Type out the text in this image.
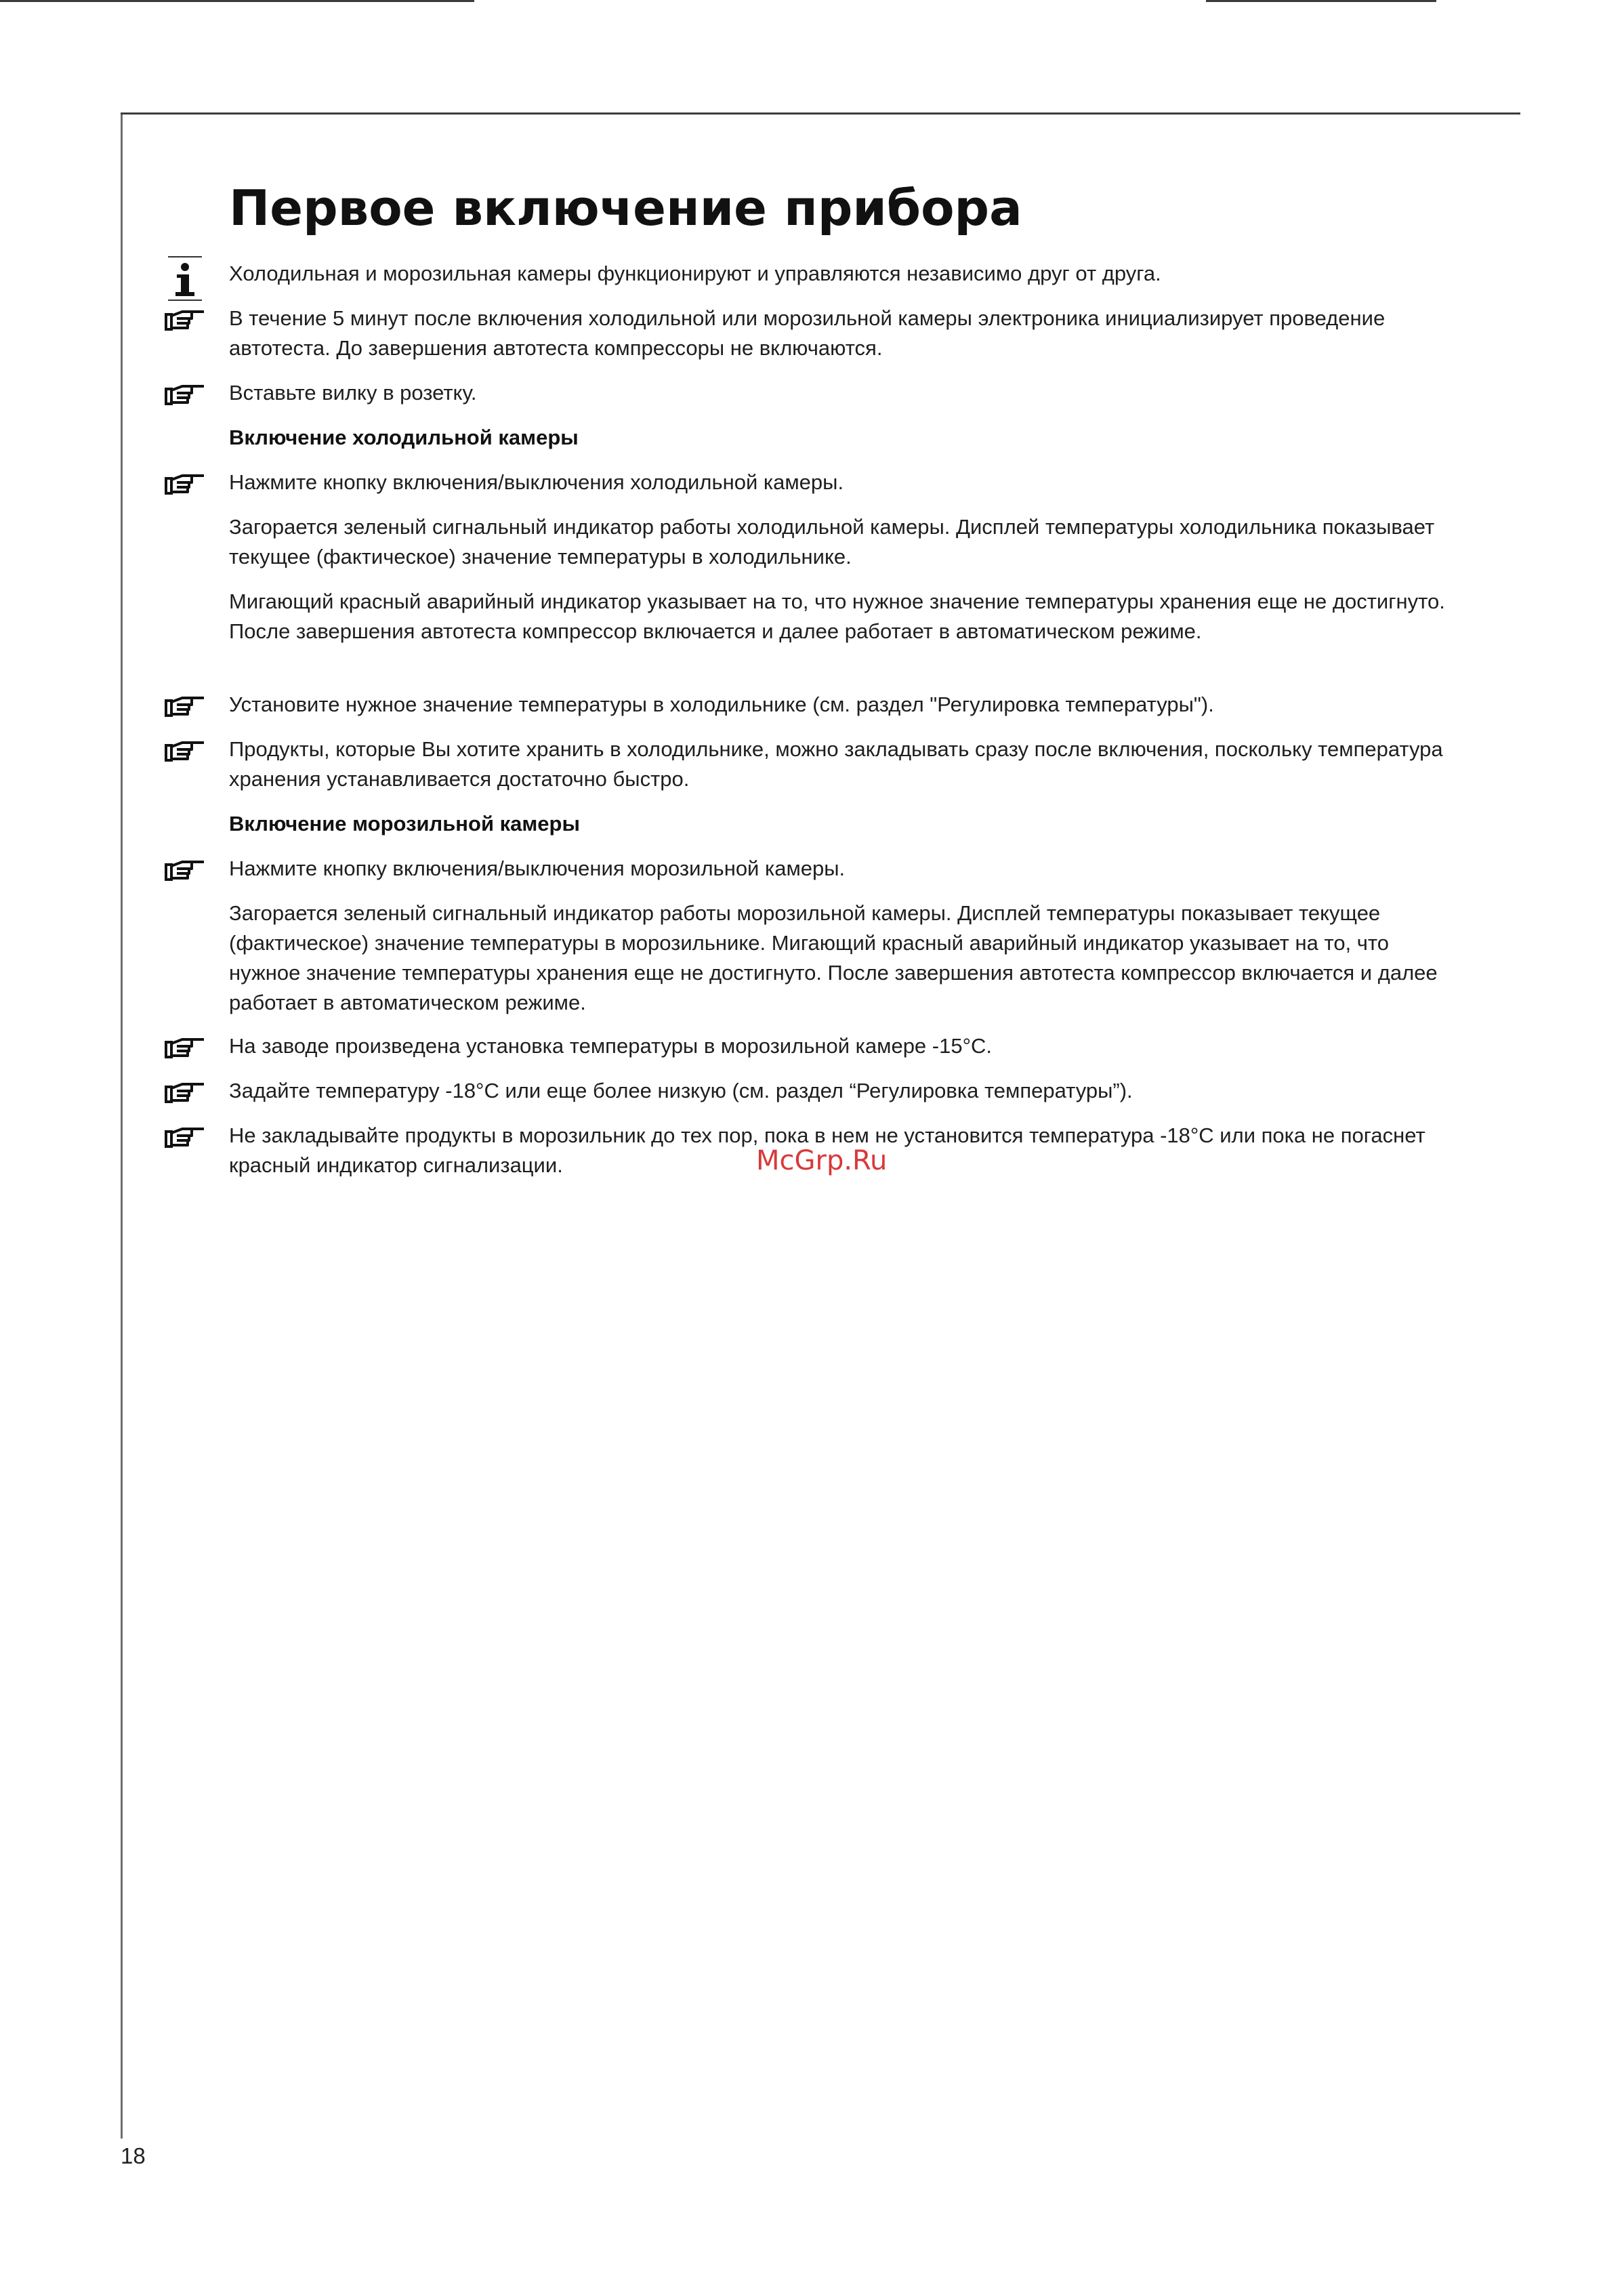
Первое включение прибора

Холодильная и морозильная камеры функционируют и управляются независимо друг от друга.

В течение 5 минут после включения холодильной или морозильной камеры электроника инициализирует проведение автотеста. До завершения автотеста компрессоры не включаются.

Вставьте вилку в розетку.

Включение холодильной камеры

Нажмите кнопку включения/выключения холодильной камеры.

Загорается зеленый сигнальный индикатор работы холодильной камеры. Дисплей температуры холодильника показывает текущее (фактическое) значение температуры в холодильнике.

Мигающий красный аварийный индикатор указывает на то, что нужное значение температуры хранения еще не достигнуто. После завершения автотеста компрессор включается и далее работает в автоматическом режиме.

Установите нужное значение температуры в холодильнике (см. раздел "Регулировка температуры").

Продукты, которые Вы хотите хранить в холодильнике, можно закладывать сразу после включения, поскольку температура хранения устанавливается достаточно быстро.

Включение морозильной камеры

Нажмите кнопку включения/выключения морозильной камеры.

Загорается зеленый сигнальный индикатор работы морозильной камеры. Дисплей температуры показывает текущее (фактическое) значение температуры в морозильнике. Мигающий красный аварийный индикатор указывает на то, что нужное значение температуры хранения еще не достигнуто. После завершения автотеста компрессор включается и далее работает в автоматическом режиме.

На заводе произведена установка температуры в морозильной камере -15°С.

Задайте температуру -18°С или еще более низкую (см. раздел “Регулировка температуры”).

Не закладывайте продукты в морозильник до тех пор, пока в нем не установится температура -18°С или пока не погаснет красный индикатор сигнализации.	McGrp.Ru
18
